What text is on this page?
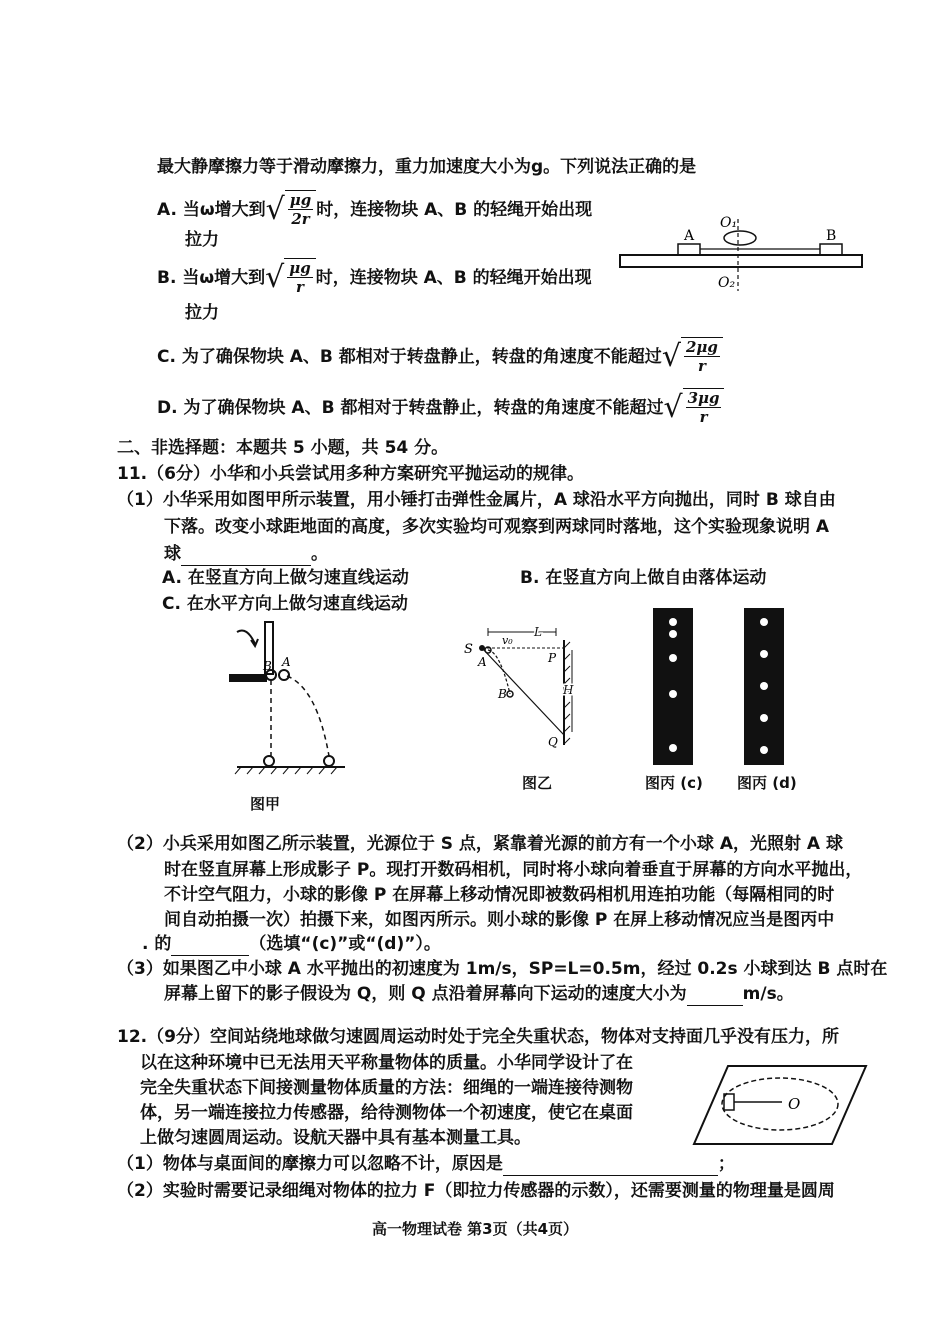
最大静摩擦力等于滑动摩擦力，重力加速度大小为g。下列说法正确的是
A. 当ω增大到 √ $\frac{\mu g}{2r}$ 时，连接物块 A、B 的轻绳开始出现
拉力
B. 当ω增大到 √ $\frac{\mu g}{r}$ 时，连接物块 A、B 的轻绳开始出现
拉力
A	B
O₁
O₂
C. 为了确保物块 A、B 都相对于转盘静止，转盘的角速度不能超过 √ $\frac{2\mu g}{r}$
D. 为了确保物块 A、B 都相对于转盘静止，转盘的角速度不能超过 √ $\frac{3\mu g}{r}$
二、非选择题：本题共 5 小题，共 54 分。
11.（6分）小华和小兵尝试用多种方案研究平抛运动的规律。
（1）小华采用如图甲所示装置，用小锤打击弹性金属片，A 球沿水平方向抛出，同时 B 球自由
下落。改变小球距地面的高度，多次实验均可观察到两球同时落地，这个实验现象说明 A
球	。
A. 在竖直方向上做匀速直线运动	B. 在竖直方向上做自由落体运动
C. 在水平方向上做匀速直线运动
B A
图甲
S
A
B
P
Q
H
L
v₀
图乙	图丙 (c) 图丙 (d)
（2）小兵采用如图乙所示装置，光源位于 S 点，紧靠着光源的前方有一个小球 A，光照射 A 球
时在竖直屏幕上形成影子 P。现打开数码相机，同时将小球向着垂直于屏幕的方向水平抛出，
不计空气阻力，小球的影像 P 在屏幕上移动情况即被数码相机用连拍功能（每隔相同的时
间自动拍摄一次）拍摄下来，如图丙所示。则小球的影像 P 在屏上移动情况应当是图丙中
. 的	（选填“(c)”或“(d)”）。
（3）如果图乙中小球 A 水平抛出的初速度为 1m/s，SP=L=0.5m，经过 0.2s 小球到达 B 点时在
屏幕上留下的影子假设为 Q，则 Q 点沿着屏幕向下运动的速度大小为	m/s。
12.（9分）空间站绕地球做匀速圆周运动时处于完全失重状态，物体对支持面几乎没有压力，所
以在这种环境中已无法用天平称量物体的质量。小华同学设计了在
完全失重状态下间接测量物体质量的方法：细绳的一端连接待测物
体，另一端连接拉力传感器，给待测物体一个初速度，使它在桌面
上做匀速圆周运动。设航天器中具有基本测量工具。
O
（1）物体与桌面间的摩擦力可以忽略不计，原因是	；
（2）实验时需要记录细绳对物体的拉力 F（即拉力传感器的示数），还需要测量的物理量是圆周
高一物理试卷 第3页（共4页）
